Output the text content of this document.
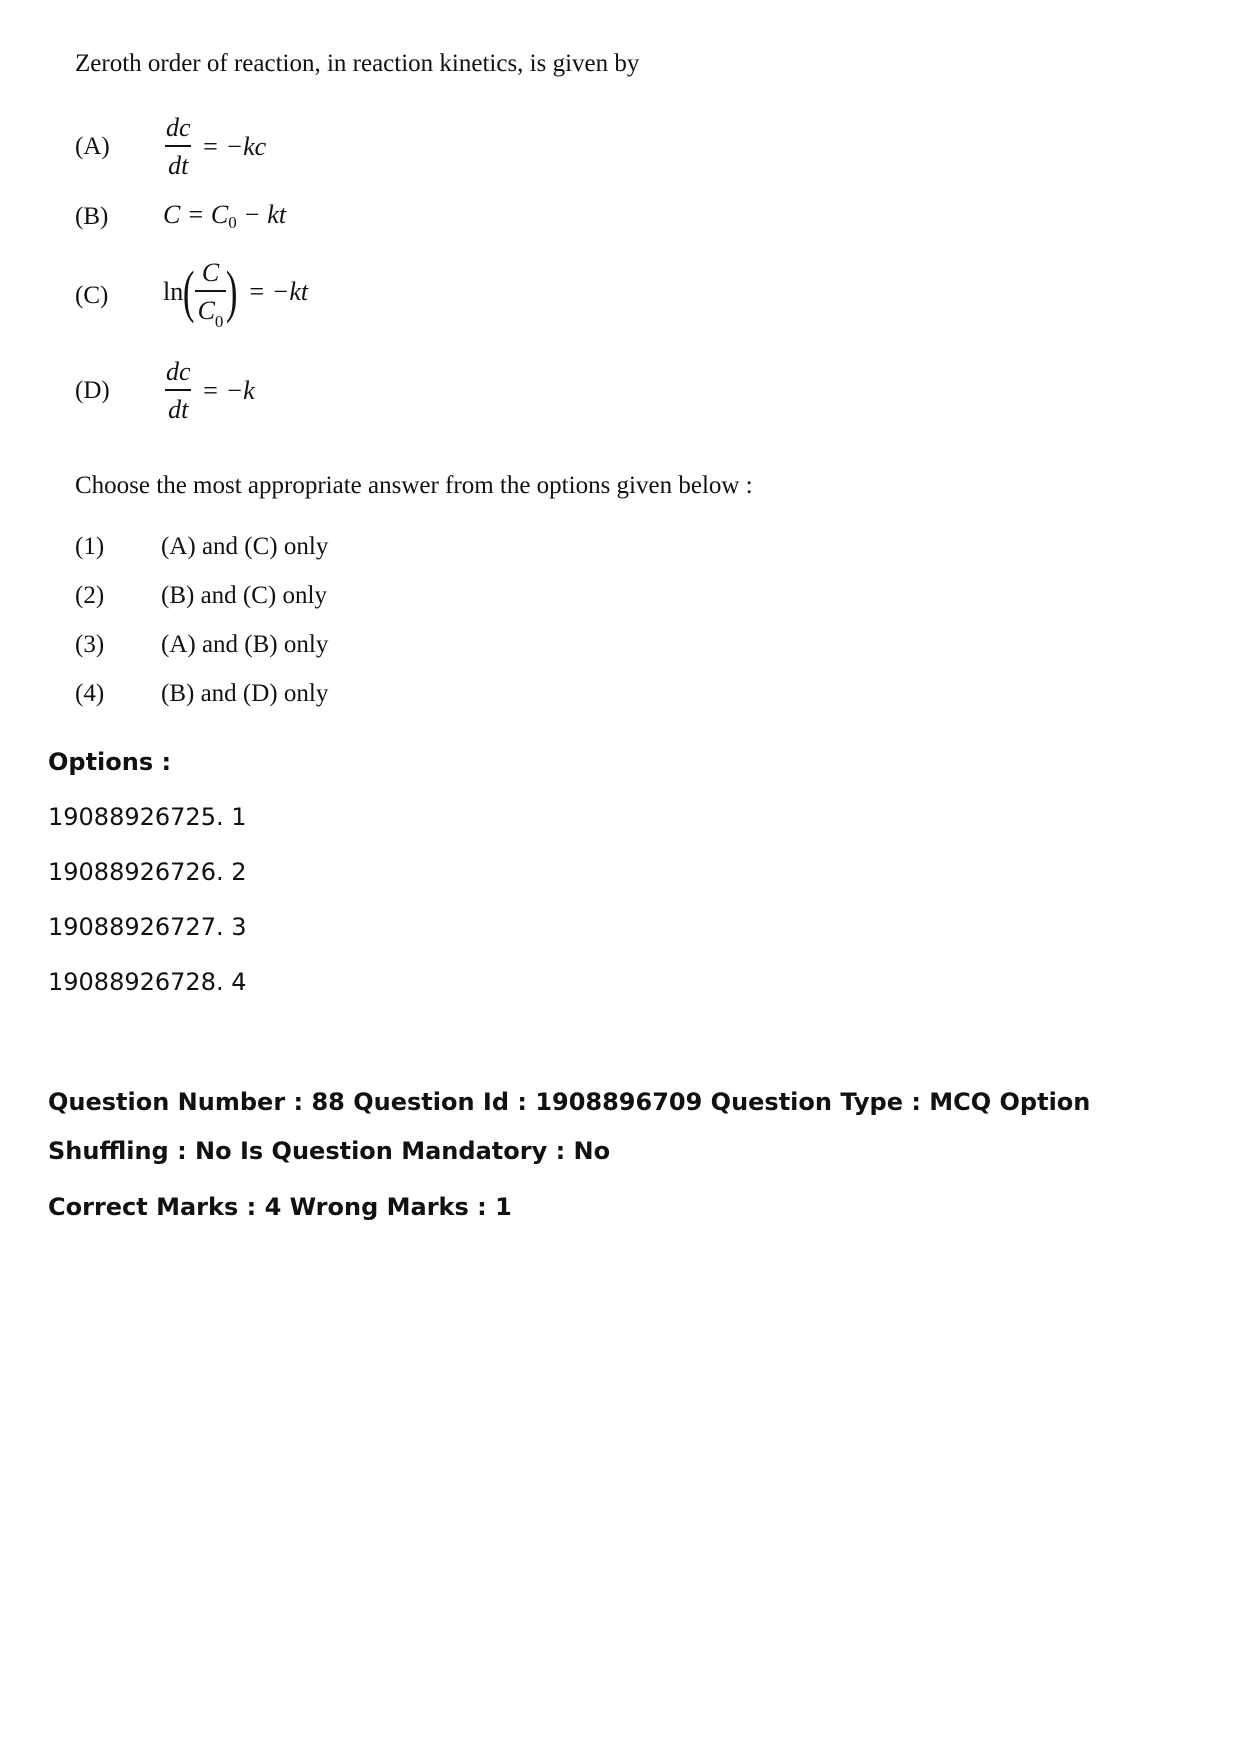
Zeroth order of reaction, in reaction kinetics, is given by
$(A) \frac{dc}{dt} = -kc$
(B) C = C 0 − kt
(C) ln ( $\frac{C}{C_0}$ ) = −kt
$(D) \frac{dc}{dt} = -k$
Choose the most appropriate answer from the options given below :
(1) (A) and (C) only
(2) (B) and (C) only
(3) (A) and (B) only
(4) (B) and (D) only
Options :
19088926725. 1
19088926726. 2
19088926727. 3
19088926728. 4
Question Number : 88 Question Id : 1908896709 Question Type : MCQ Option Shuffling : No Is Question Mandatory : No
Correct Marks : 4 Wrong Marks : 1
